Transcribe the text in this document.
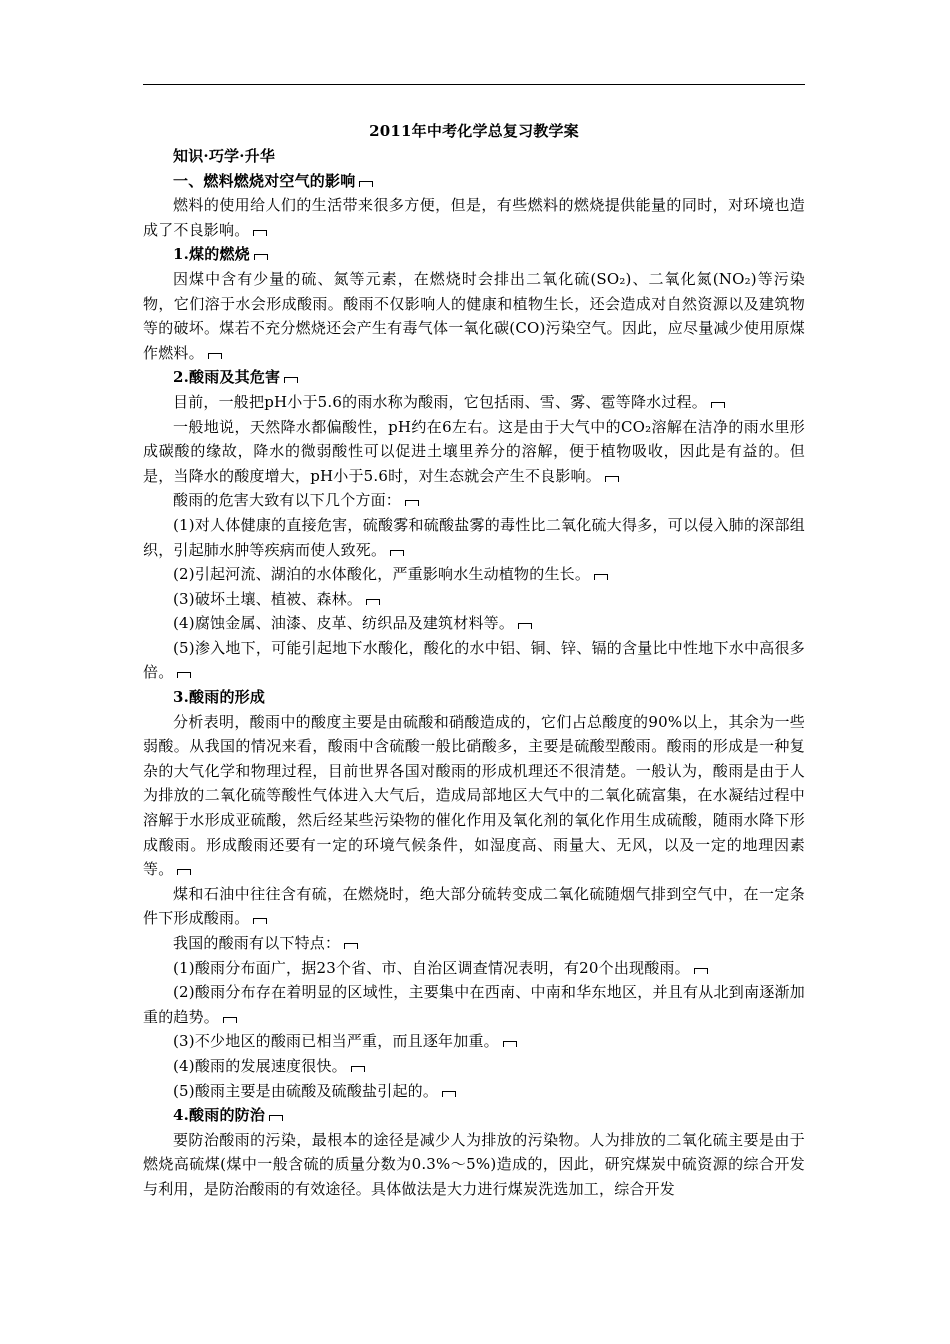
2011年中考化学总复习教学案

知识·巧学·升华

一、燃料燃烧对空气的影响

燃料的使用给人们的生活带来很多方便，但是，有些燃料的燃烧提供能量的同时，对环境也造成了不良影响。

1.煤的燃烧

因煤中含有少量的硫、氮等元素，在燃烧时会排出二氧化硫(SO₂)、二氧化氮(NO₂)等污染物，它们溶于水会形成酸雨。酸雨不仅影响人的健康和植物生长，还会造成对自然资源以及建筑物等的破坏。煤若不充分燃烧还会产生有毒气体一氧化碳(CO)污染空气。因此，应尽量减少使用原煤作燃料。

2.酸雨及其危害

目前，一般把pH小于5.6的雨水称为酸雨，它包括雨、雪、雾、雹等降水过程。

一般地说，天然降水都偏酸性，pH约在6左右。这是由于大气中的CO₂溶解在洁净的雨水里形成碳酸的缘故，降水的微弱酸性可以促进土壤里养分的溶解，便于植物吸收，因此是有益的。但是，当降水的酸度增大，pH小于5.6时，对生态就会产生不良影响。

酸雨的危害大致有以下几个方面：

(1)对人体健康的直接危害，硫酸雾和硫酸盐雾的毒性比二氧化硫大得多，可以侵入肺的深部组织，引起肺水肿等疾病而使人致死。

(2)引起河流、湖泊的水体酸化，严重影响水生动植物的生长。

(3)破坏土壤、植被、森林。

(4)腐蚀金属、油漆、皮革、纺织品及建筑材料等。

(5)渗入地下，可能引起地下水酸化，酸化的水中铝、铜、锌、镉的含量比中性地下水中高很多倍。

3.酸雨的形成

分析表明，酸雨中的酸度主要是由硫酸和硝酸造成的，它们占总酸度的90%以上，其余为一些弱酸。从我国的情况来看，酸雨中含硫酸一般比硝酸多，主要是硫酸型酸雨。酸雨的形成是一种复杂的大气化学和物理过程，目前世界各国对酸雨的形成机理还不很清楚。一般认为，酸雨是由于人为排放的二氧化硫等酸性气体进入大气后，造成局部地区大气中的二氧化硫富集，在水凝结过程中溶解于水形成亚硫酸，然后经某些污染物的催化作用及氧化剂的氧化作用生成硫酸，随雨水降下形成酸雨。形成酸雨还要有一定的环境气候条件，如湿度高、雨量大、无风，以及一定的地理因素等。

煤和石油中往往含有硫，在燃烧时，绝大部分硫转变成二氧化硫随烟气排到空气中，在一定条件下形成酸雨。

我国的酸雨有以下特点：

(1)酸雨分布面广，据23个省、市、自治区调查情况表明，有20个出现酸雨。

(2)酸雨分布存在着明显的区域性，主要集中在西南、中南和华东地区，并且有从北到南逐渐加重的趋势。

(3)不少地区的酸雨已相当严重，而且逐年加重。

(4)酸雨的发展速度很快。

(5)酸雨主要是由硫酸及硫酸盐引起的。

4.酸雨的防治

要防治酸雨的污染，最根本的途径是减少人为排放的污染物。人为排放的二氧化硫主要是由于燃烧高硫煤(煤中一般含硫的质量分数为0.3%～5%)造成的，因此，研究煤炭中硫资源的综合开发与利用，是防治酸雨的有效途径。具体做法是大力进行煤炭洗选加工，综合开发
